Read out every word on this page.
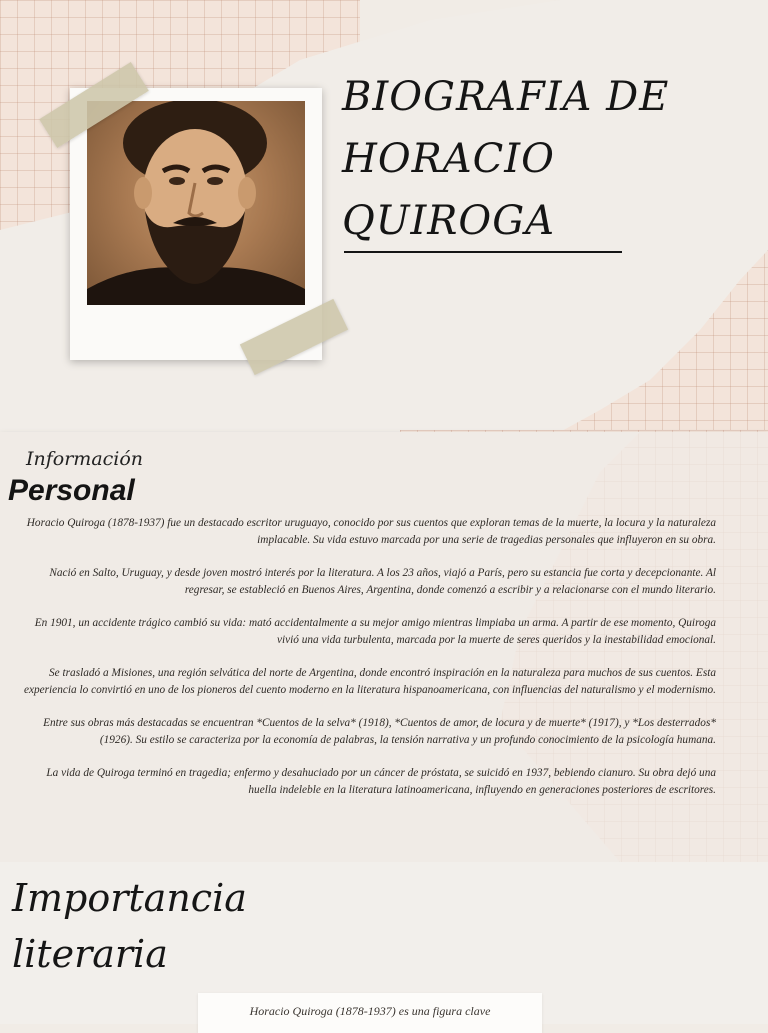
BIOGRAFIA DE
HORACIO
QUIROGA
Información
Personal

Horacio Quiroga (1878-1937) fue un destacado escritor uruguayo, conocido por sus cuentos que exploran temas de la muerte, la locura y la naturaleza implacable. Su vida estuvo marcada por una serie de tragedias personales que influyeron en su obra.

Nació en Salto, Uruguay, y desde joven mostró interés por la literatura. A los 23 años, viajó a París, pero su estancia fue corta y decepcionante. Al regresar, se estableció en Buenos Aires, Argentina, donde comenzó a escribir y a relacionarse con el mundo literario.

En 1901, un accidente trágico cambió su vida: mató accidentalmente a su mejor amigo mientras limpiaba un arma. A partir de ese momento, Quiroga vivió una vida turbulenta, marcada por la muerte de seres queridos y la inestabilidad emocional.

Se trasladó a Misiones, una región selvática del norte de Argentina, donde encontró inspiración en la naturaleza para muchos de sus cuentos. Esta experiencia lo convirtió en uno de los pioneros del cuento moderno en la literatura hispanoamericana, con influencias del naturalismo y el modernismo.

Entre sus obras más destacadas se encuentran *Cuentos de la selva* (1918), *Cuentos de amor, de locura y de muerte* (1917), y *Los desterrados* (1926). Su estilo se caracteriza por la economía de palabras, la tensión narrativa y un profundo conocimiento de la psicología humana.

La vida de Quiroga terminó en tragedia; enfermo y desahuciado por un cáncer de próstata, se suicidó en 1937, bebiendo cianuro. Su obra dejó una huella indeleble en la literatura latinoamericana, influyendo en generaciones posteriores de escritores.

Importancia
literaria
Horacio Quiroga (1878-1937) es una figura clave
